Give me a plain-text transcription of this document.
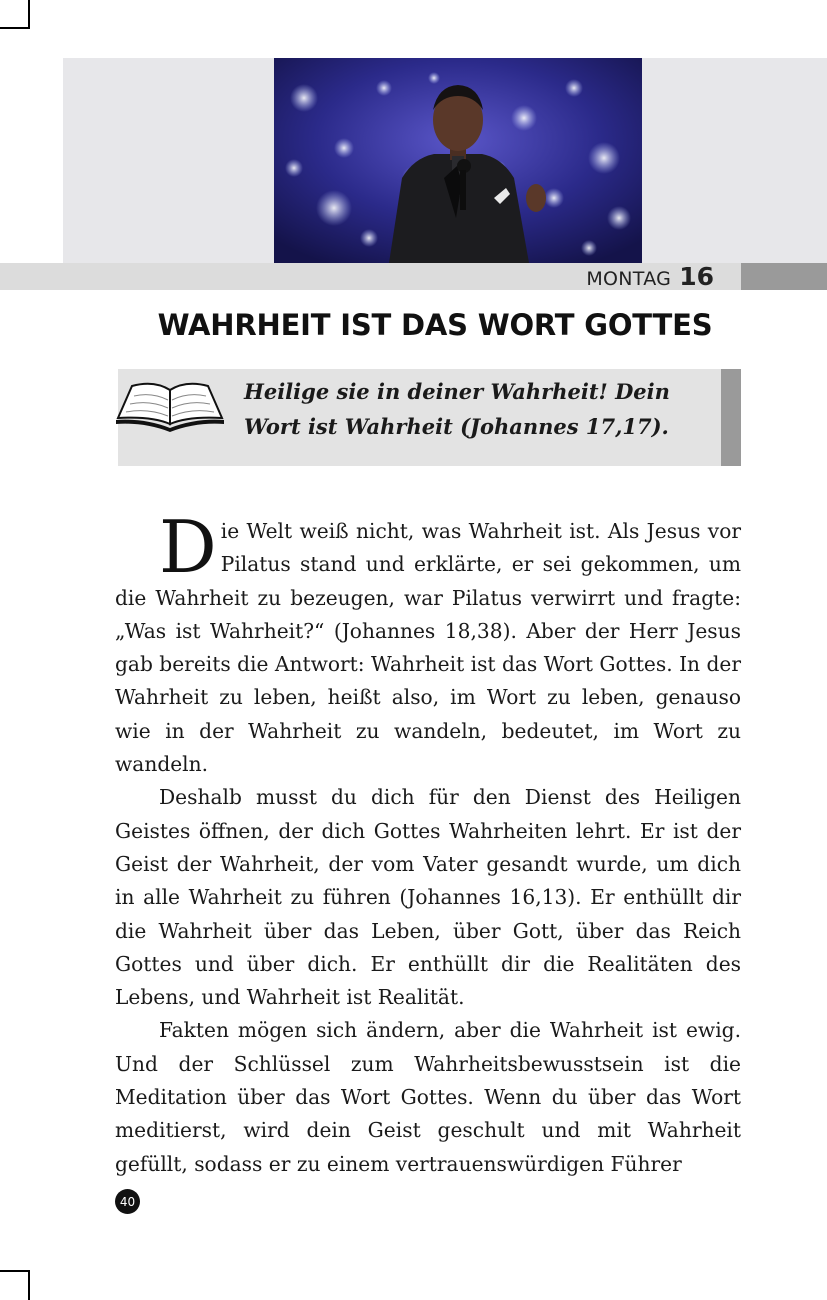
MONTAG 16
WAHRHEIT IST DAS WORT GOTTES
Heilige sie in deiner Wahrheit! Dein Wort ist Wahrheit (Johannes 17,17).

Die Welt weiß nicht, was Wahrheit ist. Als Jesus vor Pilatus stand und erklärte, er sei gekommen, um die Wahrheit zu bezeugen, war Pilatus verwirrt und fragte: „Was ist Wahrheit?“ (Johannes 18,38). Aber der Herr Jesus gab bereits die Antwort: Wahrheit ist das Wort Gottes. In der Wahrheit zu leben, heißt also, im Wort zu leben, genauso wie in der Wahrheit zu wandeln, bedeutet, im Wort zu wandeln.

Deshalb musst du dich für den Dienst des Heiligen Geistes öffnen, der dich Gottes Wahrheiten lehrt. Er ist der Geist der Wahrheit, der vom Vater gesandt wurde, um dich in alle Wahrheit zu führen (Johannes 16,13). Er enthüllt dir die Wahrheit über das Leben, über Gott, über das Reich Gottes und über dich. Er enthüllt dir die Realitäten des Lebens, und Wahrheit ist Realität.

Fakten mögen sich ändern, aber die Wahrheit ist ewig. Und der Schlüssel zum Wahrheitsbewusstsein ist die Meditation über das Wort Gottes. Wenn du über das Wort meditierst, wird dein Geist geschult und mit Wahrheit gefüllt, sodass er zu einem vertrauenswürdigen Führer

40
